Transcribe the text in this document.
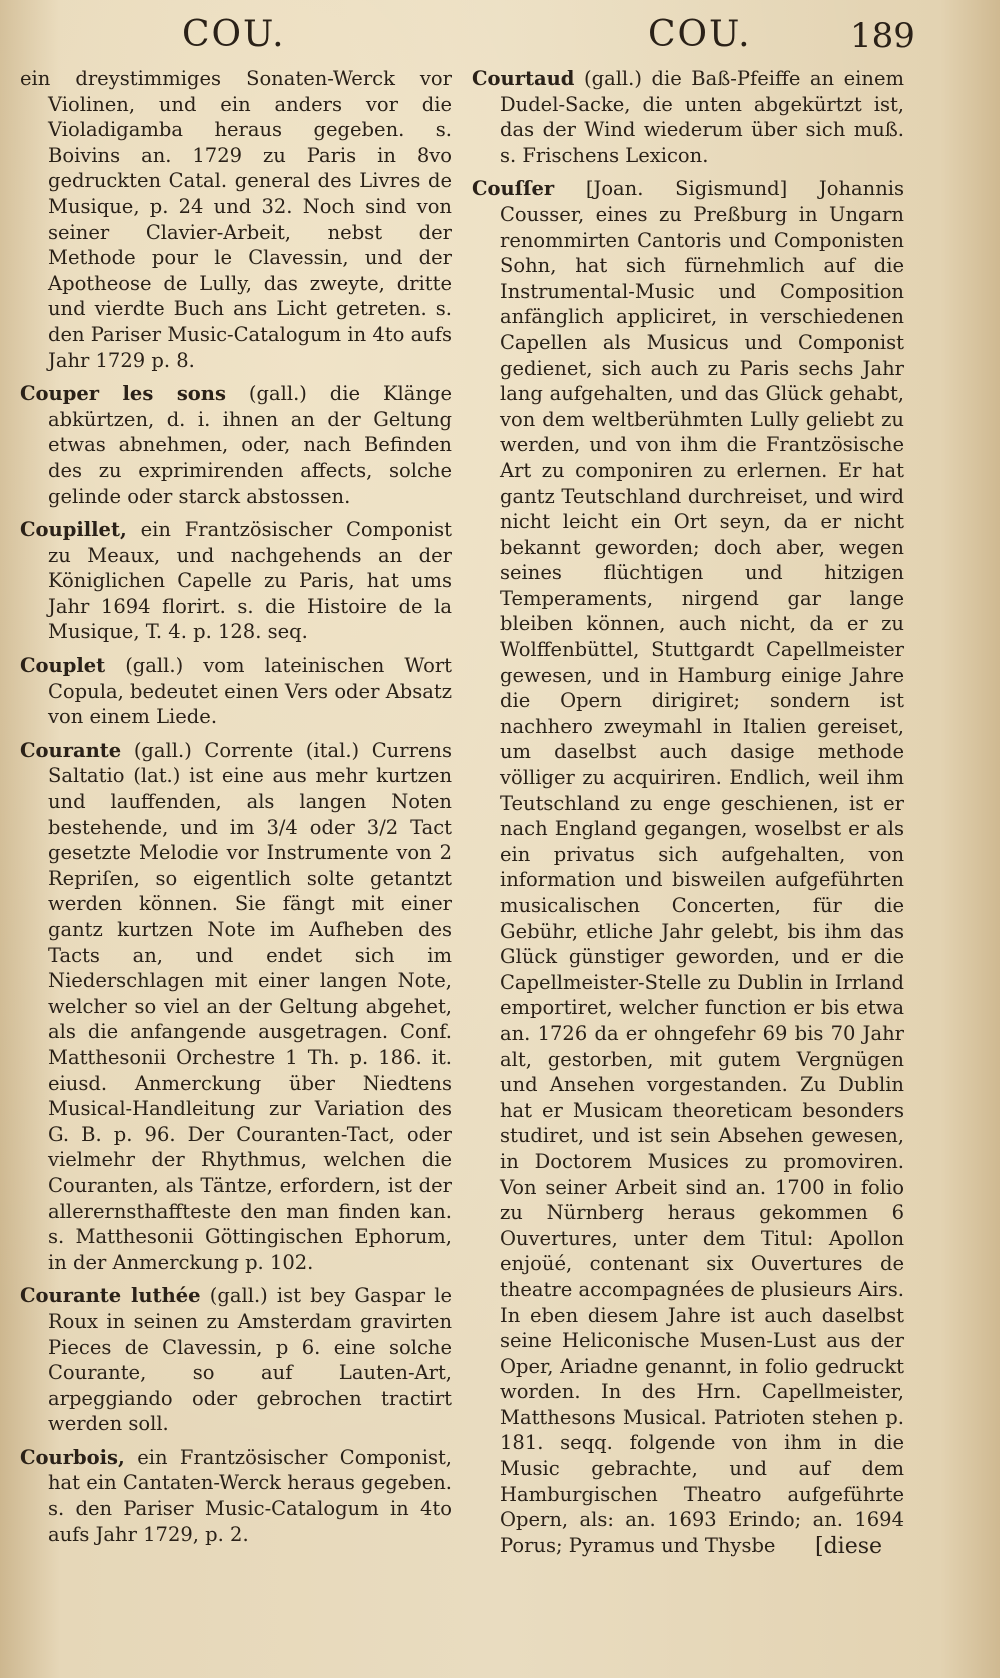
COU.	COU.	189

ein dreystimmiges Sonaten-Werck vor Violinen, und ein anders vor die Violadigamba heraus gegeben. s. Boivins an. 1729 zu Paris in 8vo gedruckten Catal. general des Livres de Musique, p. 24 und 32. Noch sind von seiner Clavier-Arbeit, nebst der Methode pour le Clavessin, und der Apotheose de Lully, das zweyte, dritte und vierdte Buch ans Licht getreten. s. den Pariser Music-Catalogum in 4to aufs Jahr 1729 p. 8.

Couper les sons (gall.) die Klänge abkürtzen, d. i. ihnen an der Geltung etwas abnehmen, oder, nach Befinden des zu exprimirenden affects, solche gelinde oder starck abstossen.

Coupillet, ein Frantzösischer Componist zu Meaux, und nachgehends an der Königlichen Capelle zu Paris, hat ums Jahr 1694 florirt. s. die Histoire de la Musique, T. 4. p. 128. seq.

Couplet (gall.) vom lateinischen Wort Copula, bedeutet einen Vers oder Absatz von einem Liede.

Courante (gall.) Corrente (ital.) Currens Saltatio (lat.) ist eine aus mehr kurtzen und lauffenden, als langen Noten bestehende, und im 3/4 oder 3/2 Tact gesetzte Melodie vor Instrumente von 2 Repriſen, so eigentlich solte getantzt werden können. Sie fängt mit einer gantz kurtzen Note im Aufheben des Tacts an, und endet sich im Niederschlagen mit einer langen Note, welcher so viel an der Geltung abgehet, als die anfangende ausgetragen. Conf. Matthesonii Orchestre 1 Th. p. 186. it. eiusd. Anmerckung über Niedtens Musical-Handleitung zur Variation des G. B. p. 96. Der Couranten-Tact, oder vielmehr der Rhythmus, welchen die Couranten, als Täntze, erfordern, ist der allerernsthaffteste den man finden kan. s. Matthesonii Göttingischen Ephorum, in der Anmerckung p. 102.

Courante luthée (gall.) ist bey Gaspar le Roux in seinen zu Amsterdam gravirten Pieces de Clavessin, p 6. eine solche Courante, so auf Lauten-Art, arpeggiando oder gebrochen tractirt werden soll.

Courbois, ein Frantzösischer Componist, hat ein Cantaten-Werck heraus gegeben. s. den Pariser Music-Catalogum in 4to aufs Jahr 1729, p. 2.

Courtaud (gall.) die Baß-Pfeiffe an einem Dudel-Sacke, die unten abgekürtzt ist, das der Wind wiederum über sich muß. s. Frischens Lexicon.

Couſſer [Joan. Sigismund] Johannis Cousser, eines zu Preßburg in Ungarn renommirten Cantoris und Componisten Sohn, hat sich fürnehmlich auf die Instrumental-Music und Composition anfänglich appliciret, in verschiedenen Capellen als Musicus und Componist gedienet, sich auch zu Paris sechs Jahr lang aufgehalten, und das Glück gehabt, von dem weltberühmten Lully geliebt zu werden, und von ihm die Frantzösische Art zu componiren zu erlernen. Er hat gantz Teutschland durchreiset, und wird nicht leicht ein Ort seyn, da er nicht bekannt geworden; doch aber, wegen seines flüchtigen und hitzigen Temperaments, nirgend gar lange bleiben können, auch nicht, da er zu Wolffenbüttel, Stuttgardt Capellmeister gewesen, und in Hamburg einige Jahre die Opern dirigiret; sondern ist nachhero zweymahl in Italien gereiset, um daselbst auch dasige methode völliger zu acquiriren. Endlich, weil ihm Teutschland zu enge geschienen, ist er nach England gegangen, woselbst er als ein privatus sich aufgehalten, von information und bisweilen aufgeführten musicalischen Concerten, für die Gebühr, etliche Jahr gelebt, bis ihm das Glück günstiger geworden, und er die Capellmeister-Stelle zu Dublin in Irrland emportiret, welcher function er bis etwa an. 1726 da er ohngefehr 69 bis 70 Jahr alt, gestorben, mit gutem Vergnügen und Ansehen vorgestanden. Zu Dublin hat er Musicam theoreticam besonders studiret, und ist sein Absehen gewesen, in Doctorem Musices zu promoviren. Von seiner Arbeit sind an. 1700 in folio zu Nürnberg heraus gekommen 6 Ouvertures, unter dem Titul: Apollon enjoüé, contenant six Ouvertures de theatre accompagnées de plusieurs Airs. In eben diesem Jahre ist auch daselbst seine Heliconische Musen-Lust aus der Oper, Ariadne genannt, in folio gedruckt worden. In des Hrn. Capellmeister, Matthesons Musical. Patrioten stehen p. 181. seqq. folgende von ihm in die Music gebrachte, und auf dem Hamburgischen Theatro aufgeführte Opern, als: an. 1693 Erindo; an. 1694 Porus; Pyramus und Thysbe	[diese
